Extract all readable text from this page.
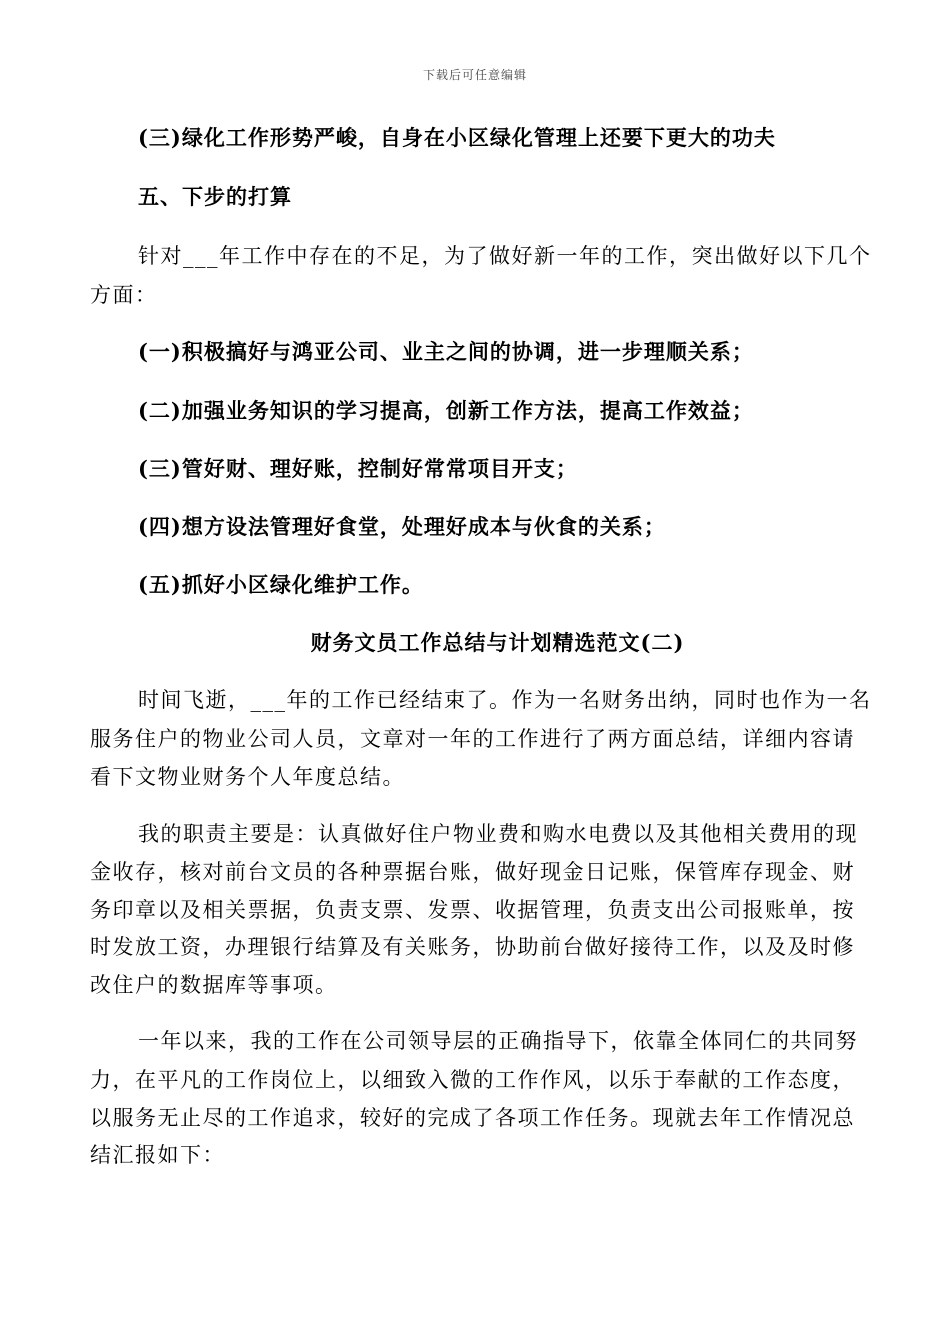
下载后可任意编辑
(三)绿化工作形势严峻，自身在小区绿化管理上还要下更大的功夫
五、下步的打算
针对___年工作中存在的不足，为了做好新一年的工作，突出做好以下几个
方面：
(一)积极搞好与鸿亚公司、业主之间的协调，进一步理顺关系；
(二)加强业务知识的学习提高，创新工作方法，提高工作效益；
(三)管好财、理好账，控制好常常项目开支；
(四)想方设法管理好食堂，处理好成本与伙食的关系；
(五)抓好小区绿化维护工作。
财务文员工作总结与计划精选范文(二)
时间飞逝，___年的工作已经结束了。作为一名财务出纳，同时也作为一名
服务住户的物业公司人员，文章对一年的工作进行了两方面总结，详细内容请
看下文物业财务个人年度总结。
我的职责主要是：认真做好住户物业费和购水电费以及其他相关费用的现
金收存，核对前台文员的各种票据台账，做好现金日记账，保管库存现金、财
务印章以及相关票据，负责支票、发票、收据管理，负责支出公司报账单，按
时发放工资，办理银行结算及有关账务，协助前台做好接待工作，以及及时修
改住户的数据库等事项。
一年以来，我的工作在公司领导层的正确指导下，依靠全体同仁的共同努
力，在平凡的工作岗位上，以细致入微的工作作风，以乐于奉献的工作态度，
以服务无止尽的工作追求，较好的完成了各项工作任务。现就去年工作情况总
结汇报如下：
